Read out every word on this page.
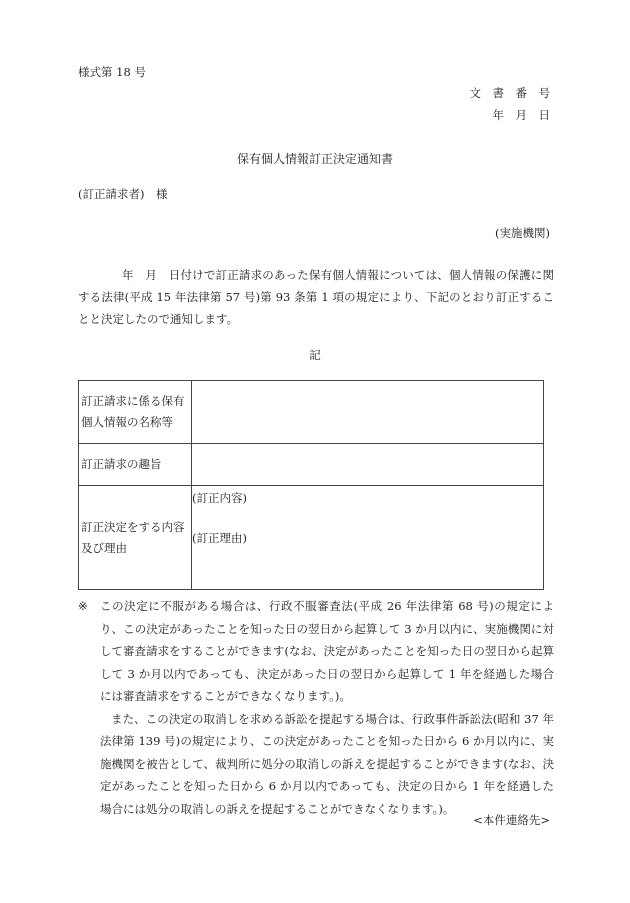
様式第 18 号
文　書　番　号
年　月　日
保有個人情報訂正決定通知書
(訂正請求者)　様
(実施機関)

年　月　日付けで訂正請求のあった保有個人情報については、個人情報の保護に関する法律(平成 15 年法律第 57 号)第 93 条第 1 項の規定により、下記のとおり訂正することと決定したので通知します。

記
訂正請求に係る保有個人情報の名称等	
訂正請求の趣旨	
訂正決定をする内容及び理由	(訂正内容)
(訂正理由)
※	この決定に不服がある場合は、行政不服審査法(平成 26 年法律第 68 号)の規定により、この決定があったことを知った日の翌日から起算して 3 か月以内に、実施機関に対して審査請求をすることができます(なお、決定があったことを知った日の翌日から起算して 3 か月以内であっても、決定があった日の翌日から起算して 1 年を経過した場合には審査請求をすることができなくなります。)。
また、この決定の取消しを求める訴訟を提起する場合は、行政事件訴訟法(昭和 37 年法律第 139 号)の規定により、この決定があったことを知った日から 6 か月以内に、実施機関を被告として、裁判所に処分の取消しの訴えを提起することができます(なお、決定があったことを知った日から 6 か月以内であっても、決定の日から 1 年を経過した場合には処分の取消しの訴えを提起することができなくなります。)。
<本件連絡先>
